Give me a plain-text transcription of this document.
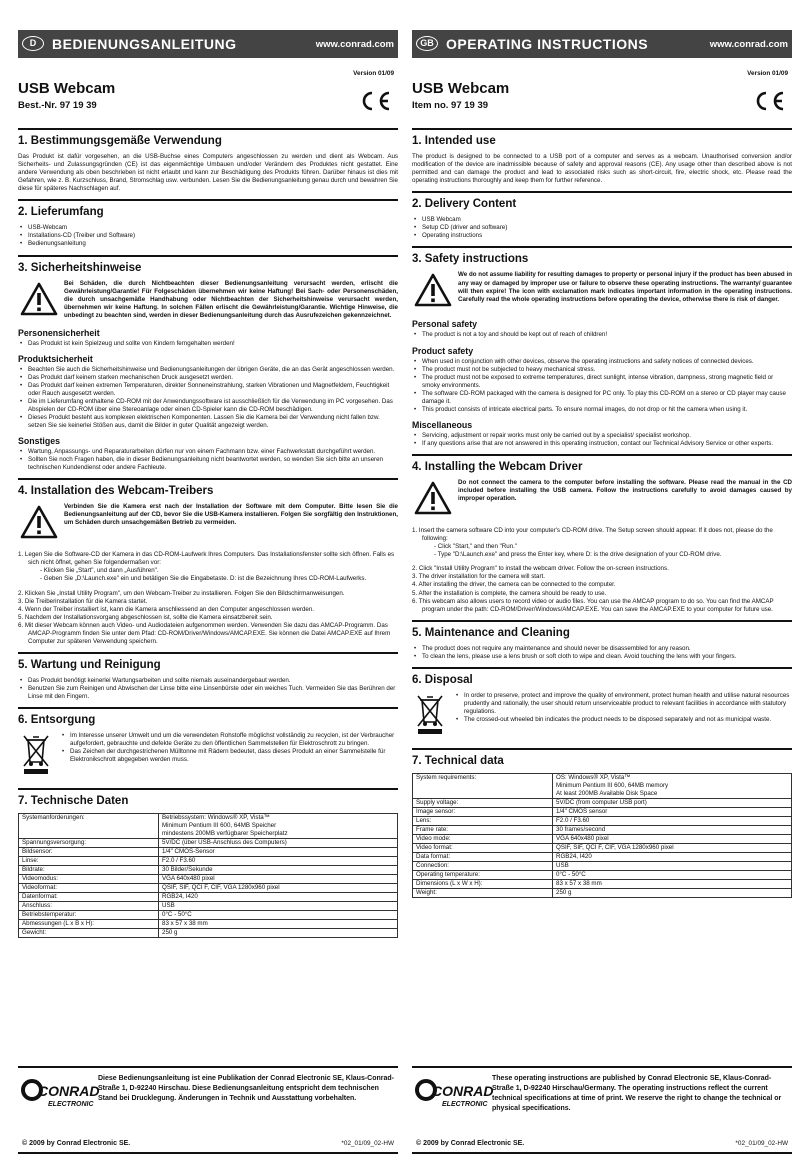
D	BEDIENUNGSANLEITUNG	www.conrad.com
Version 01/09
USB Webcam
Best.-Nr. 97 19 39
1. Bestimmungsgemäße Verwendung
Das Produkt ist dafür vorgesehen, an die USB-Buchse eines Computers angeschlossen zu werden und dient als Webcam. Aus Sicherheits- und Zulassungsgründen (CE) ist das eigenmächtige Umbauen und/oder Verändern des Produktes nicht gestattet. Eine andere Verwendung als oben beschrieben ist nicht erlaubt und kann zur Beschädigung des Produkts führen. Darüber hinaus ist dies mit Gefahren, wie z. B. Kurzschluss, Brand, Stromschlag usw. verbunden. Lesen Sie die Bedienungsanleitung genau durch und bewahren Sie diese für späteres Nachschlagen auf.
2. Lieferumfang
• USB-Webcam
• Installations-CD (Treiber und Software)
• Bedienungsanleitung
3. Sicherheitshinweise
Bei Schäden, die durch Nichtbeachten dieser Bedienungsanleitung verursacht werden, erlischt die Gewährleistung/Garantie! Für Folgeschäden übernehmen wir keine Haftung! Bei Sach- oder Personenschäden, die durch unsachgemäße Handhabung oder Nichtbeachten der Sicherheitshinweise verursacht werden, übernehmen wir keine Haftung. In solchen Fällen erlischt die Gewährleistung/Garantie. Wichtige Hinweise, die unbedingt zu beachten sind, werden in dieser Bedienungsanleitung durch das Ausrufezeichen gekennzeichnet.
Personensicherheit
• Das Produkt ist kein Spielzeug und sollte von Kindern ferngehalten werden!
Produktsicherheit
• Beachten Sie auch die Sicherheitshinweise und Bedienungsanleitungen der übrigen Geräte, die an das Gerät angeschlossen werden.
• Das Produkt darf keinem starken mechanischen Druck ausgesetzt werden.
• Das Produkt darf keinen extremen Temperaturen, direkter Sonneneinstrahlung, starken Vibrationen und Magnetfeldern, Feuchtigkeit oder Rauch ausgesetzt werden.
• Die im Lieferumfang enthaltene CD-ROM mit der Anwendungssoftware ist ausschließlich für die Verwendung im PC vorgesehen. Das Abspielen der CD-ROM über eine Stereoanlage oder einen CD-Spieler kann die CD-ROM beschädigen.
• Dieses Produkt besteht aus komplexen elektrischen Komponenten. Lassen Sie die Kamera bei der Verwendung nicht fallen bzw. setzen Sie sie keinerlei Stößen aus, damit die Bilder in guter Qualität angezeigt werden.
Sonstiges
• Wartung, Anpassungs- und Reparaturarbeiten dürfen nur von einem Fachmann bzw. einer Fachwerkstatt durchgeführt werden.
• Sollten Sie noch Fragen haben, die in dieser Bedienungsanleitung nicht beantwortet werden, so wenden Sie sich bitte an unseren technischen Kundendienst oder andere Fachleute.
4. Installation des Webcam-Treibers
Verbinden Sie die Kamera erst nach der Installation der Software mit dem Computer. Bitte lesen Sie die Bedienungsanleitung auf der CD, bevor Sie die USB-Kamera installieren. Folgen Sie sorgfältig den Instruktionen, um Schäden durch unsachgemäßen Betrieb zu vermeiden.
1. Legen Sie die Software-CD der Kamera in das CD-ROM-Laufwerk Ihres Computers. Das Installationsfenster sollte sich öffnen. Falls es sich nicht öffnet, gehen Sie folgendermaßen vor:
- Klicken Sie „Start", und dann „Ausführen".
- Geben Sie „D:\Launch.exe" ein und betätigen Sie die Eingabetaste. D: ist die Bezeichnung Ihres CD-ROM-Laufwerks.
2. Klicken Sie „Install Utility Program", um den Webcam-Treiber zu installieren. Folgen Sie den Bildschirmanweisungen.
3. Die Treiberinstallation für die Kamera startet.
4. Wenn der Treiber installiert ist, kann die Kamera anschliessend an den Computer angeschlossen werden.
5. Nachdem der Installationsvorgang abgeschlossen ist, sollte die Kamera einsatzbereit sein.
6. Mit dieser Webcam können auch Video- und Audiodateien aufgenommen werden. Verwenden Sie dazu das AMCAP-Programm. Das AMCAP-Programm finden Sie unter dem Pfad: CD-ROM/Driver/Windows/AMCAP.EXE. Sie können die Datei AMCAP.EXE auf Ihrem Computer zur späteren Verwendung speichern.
5. Wartung und Reinigung
• Das Produkt benötigt keinerlei Wartungsarbeiten und sollte niemals auseinandergebaut werden.
• Benutzen Sie zum Reinigen und Abwischen der Linse bitte eine Linsenbürste oder ein weiches Tuch. Vermeiden Sie das Berühren der Linse mit den Fingern.
6. Entsorgung
• Im Interesse unserer Umwelt und um die verwendeten Rohstoffe möglichst vollständig zu recyclen, ist der Verbraucher aufgefordert, gebrauchte und defekte Geräte zu den öffentlichen Sammelstellen für Elektroschrott zu bringen.
• Das Zeichen der durchgestrichenen Mülltonne mit Rädern bedeutet, dass dieses Produkt an einer Sammelstelle für Elektronikschrott abgegeben werden muss.
7. Technische Daten
Systemanforderungen:	Betriebssystem: Windows® XP, Vista™
Minimum Pentium III 600, 64MB Speicher
mindestens 200MB verfügbarer Speicherplatz
Spannungsversorgung:	5V/DC (über USB-Anschluss des Computers)
Bildsensor:	1/4" CMOS-Sensor
Linse:	F2.0 / F3.60
Bildrate:	30 Bilder/Sekunde
Videomodus:	VGA 640x480 pixel
Videoformat:	QSIF, SIF, QCI F, CIF, VGA 1280x960 pixel
Datenformat:	RGB24, I420
Anschluss:	USB
Betriebstemperatur:	0°C - 50°C
Abmessungen (L x B x H):	83 x 57 x 38 mm
Gewicht:	250 g
CONRAD
ELECTRONIC
Diese Bedienungsanleitung ist eine Publikation der Conrad Electronic SE, Klaus-Conrad- Straße 1, D-92240 Hirschau. Diese Bedienungsanleitung entspricht dem technischen Stand bei Drucklegung. Änderungen in Technik und Ausstattung vorbehalten.
© 2009 by Conrad Electronic SE.	*02_01/09_02-HW
GB OPERATING INSTRUCTIONS	www.conrad.com
Version 01/09
USB Webcam
Item no. 97 19 39
1. Intended use
The product is designed to be connected to a USB port of a computer and serves as a webcam. Unauthorised conversion and/or modification of the device are inadmissible because of safety and approval reasons (CE). Any usage other than described above is not permitted and can damage the product and lead to associated risks such as short-circuit, fire, electric shock, etc. Please read the operating instructions thoroughly and keep them for further reference.
2. Delivery Content
• USB Webcam
• Setup CD (driver and software)
• Operating instructions
3. Safety instructions
We do not assume liability for resulting damages to property or personal injury if the product has been abused in any way or damaged by improper use or failure to observe these operating instructions. The warranty/ guarantee will then expire! The icon with exclamation mark indicates important information in the operating instructions. Carefully read the whole operating instructions before operating the device, otherwise there is risk of danger.
Personal safety
• The product is not a toy and should be kept out of reach of children!
Product safety
• When used in conjunction with other devices, observe the operating instructions and safety notices of connected devices.
• The product must not be subjected to heavy mechanical stress.
• The product must not be exposed to extreme temperatures, direct sunlight, intense vibration, dampness, strong magnetic field or smoky environments.
• The software CD-ROM packaged with the camera is designed for PC only. To play this CD-ROM on a stereo or CD player may cause damage it.
• This product consists of intricate electrical parts. To ensure normal images, do not drop or hit the camera when using it.
Miscellaneous
• Servicing, adjustment or repair works must only be carried out by a specialist/ specialist workshop.
• If any questions arise that are not answered in this operating instruction, contact our Technical Advisory Service or other experts.
4. Installing the Webcam Driver
Do not connect the camera to the computer before installing the software. Please read the manual in the CD included before installing the USB camera. Follow the instructions carefully to avoid damages caused by improper operation.
1. Insert the camera software CD into your computer's CD-ROM drive. The Setup screen should appear. If it does not, please do the following:
- Click "Start," and then "Run."
- Type "D:\Launch.exe" and press the Enter key, where D: is the drive designation of your CD-ROM drive.
2. Click "Install Utility Program" to install the webcam driver. Follow the on-screen instructions.
3. The driver installation for the camera will start.
4. After installing the driver, the camera can be connected to the computer.
5. After the installation is complete, the camera should be ready to use.
6. This webcam also allows users to record video or audio files. You can use the AMCAP program to do so. You can find the AMCAP program under the path: CD-ROM/Driver/Windows/AMCAP.EXE. You can save the AMCAP.EXE to your computer for future use.
5. Maintenance and Cleaning
• The product does not require any maintenance and should never be disassembled for any reason.
• To clean the lens, please use a lens brush or soft cloth to wipe and clean. Avoid touching the lens with your fingers.
6. Disposal
• In order to preserve, protect and improve the quality of environment, protect human health and utilise natural resources prudently and rationally, the user should return unserviceable product to relevant facilities in accordance with statutory regulations.
• The crossed-out wheeled bin indicates the product needs to be disposed separately and not as municipal waste.
7. Technical data
System requirements:	OS: Windows® XP, Vista™
Minimum Pentium III 600, 64MB memory
At least 200MB Available Disk Space
Supply voltage:	5V/DC (from computer USB port)
Image sensor:	1/4" CMOS sensor
Lens:	F2.0 / F3.60
Frame rate:	30 frames/second
Video mode:	VGA 640x480 pixel
Video format:	QSIF, SIF, QCI F, CIF, VGA 1280x960 pixel
Data format:	RGB24, I420
Connection:	USB
Operating temperature:	0°C - 50°C
Dimensions (L x W x H):	83 x 57 x 38 mm
Weight:	250 g
CONRAD
ELECTRONIC
These operating instructions are published by Conrad Electronic SE, Klaus-Conrad-Straße 1, D-92240 Hirschau/Germany. The operating instructions reflect the current technical specifications at time of print. We reserve the right to change the technical or physical specifications.
© 2009 by Conrad Electronic SE.	*02_01/09_02-HW
